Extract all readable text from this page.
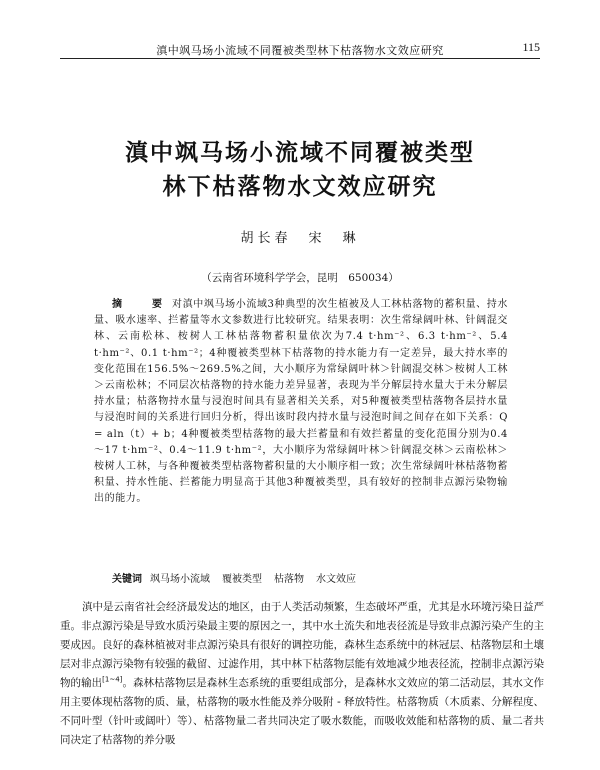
滇中飒马场小流域不同覆被类型林下枯落物水文效应研究	115
滇中飒马场小流域不同覆被类型
林下枯落物水文效应研究
胡长春　宋　琳
（云南省环境科学学会，昆明　650034）
摘　要对滇中飒马场小流域3种典型的次生植被及人工林枯落物的蓄积量、持水量、吸水速率、拦蓄量等水文参数进行比较研究。结果表明：次生常绿阔叶林、针阔混交林、云南松林、桉树人工林枯落物蓄积量依次为7.4 t·hm⁻²、6.3 t·hm⁻²、5.4 t·hm⁻²、0.1 t·hm⁻²；4种覆被类型林下枯落物的持水能力有一定差异，最大持水率的变化范围在156.5%～269.5%之间，大小顺序为常绿阔叶林＞针阔混交林＞桉树人工林＞云南松林；不同层次枯落物的持水能力差异显著，表现为半分解层持水量大于未分解层持水量；枯落物持水量与浸泡时间具有显著相关关系，对5种覆被类型枯落物各层持水量与浸泡时间的关系进行回归分析，得出该时段内持水量与浸泡时间之间存在如下关系：Q = aln（t）+ b；4种覆被类型枯落物的最大拦蓄量和有效拦蓄量的变化范围分别为0.4～17 t·hm⁻²、0.4～11.9 t·hm⁻²，大小顺序为常绿阔叶林＞针阔混交林＞云南松林＞桉树人工林，与各种覆被类型枯落物蓄积量的大小顺序相一致；次生常绿阔叶林枯落物蓄积量、持水性能、拦蓄能力明显高于其他3种覆被类型，具有较好的控制非点源污染物输出的能力。
关键词 飒马场小流域 覆被类型 枯落物 水文效应
滇中是云南省社会经济最发达的地区，由于人类活动频繁，生态破坏严重，尤其是水环境污染日益严重。非点源污染是导致水质污染最主要的原因之一，其中水土流失和地表径流是导致非点源污染产生的主要成因。良好的森林植被对非点源污染具有很好的调控功能，森林生态系统中的林冠层、枯落物层和土壤层对非点源污染物有较强的截留、过滤作用，其中林下枯落物层能有效地减少地表径流，控制非点源污染物的输出[1~4]。森林枯落物层是森林生态系统的重要组成部分，是森林水文效应的第二活动层，其水文作用主要体现枯落物的质、量，枯落物的吸水性能及养分吸附 - 释放特性。枯落物质（木质素、分解程度、不同叶型（针叶或阔叶）等）、枯落物量二者共同决定了吸水数能，而吸收效能和枯落物的质、量二者共同决定了枯落物的养分吸
